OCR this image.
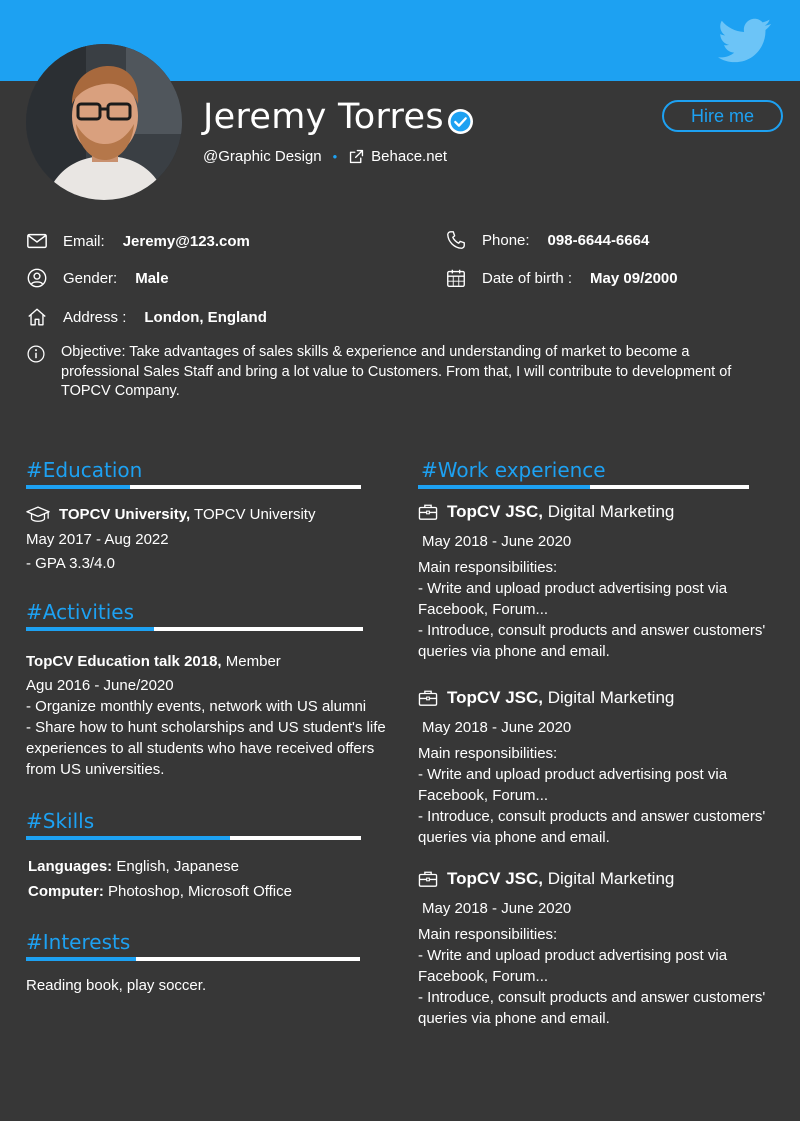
Jeremy Torres
@Graphic Design • Behace.net
Hire me
Email: Jeremy@123.com	Phone: 098-6644-6664
Gender: Male	Date of birth : May 09/2000
Address : London, England
Objective: Take advantages of sales skills & experience and understanding of market to become a professional Sales Staff and bring a lot value to Customers. From that, I will contribute to development of TOPCV Company.
#Education
TOPCV University, TOPCV University
May 2017 - Aug 2022
- GPA 3.3/4.0
#Activities
TopCV Education talk 2018, Member
Agu 2016 - June/2020
- Organize monthly events, network with US alumni
- Share how to hunt scholarships and US student's life experiences to all students who have received offers from US universities.
#Skills
Languages: English, Japanese
Computer: Photoshop, Microsoft Office
#Interests
Reading book, play soccer.
#Work experience
TopCV JSC, Digital Marketing
May 2018 - June 2020
Main responsibilities:
- Write and upload product advertising post via Facebook, Forum...
- Introduce, consult products and answer customers' queries via phone and email.
TopCV JSC, Digital Marketing
May 2018 - June 2020
Main responsibilities:
- Write and upload product advertising post via Facebook, Forum...
- Introduce, consult products and answer customers' queries via phone and email.
TopCV JSC, Digital Marketing
May 2018 - June 2020
Main responsibilities:
- Write and upload product advertising post via Facebook, Forum...
- Introduce, consult products and answer customers' queries via phone and email.
